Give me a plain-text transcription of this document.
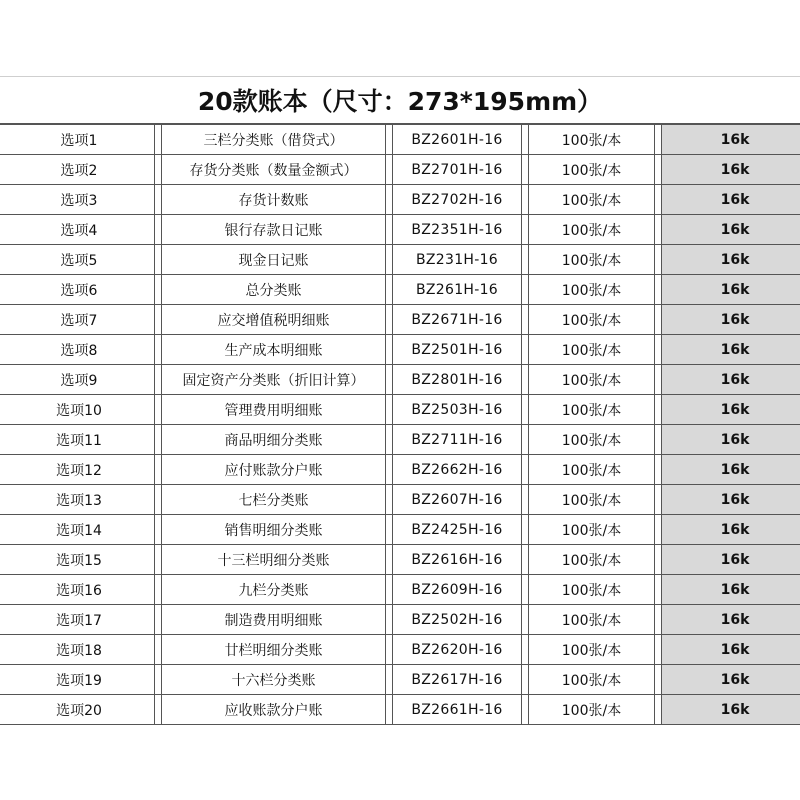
20款账本（尺寸：273*195mm）
选项1		三栏分类账（借贷式）		BZ2601H-16		100张/本		16k
选项2		存货分类账（数量金额式）		BZ2701H-16		100张/本		16k
选项3		存货计数账		BZ2702H-16		100张/本		16k
选项4		银行存款日记账		BZ2351H-16		100张/本		16k
选项5		现金日记账		BZ231H-16		100张/本		16k
选项6		总分类账		BZ261H-16		100张/本		16k
选项7		应交增值税明细账		BZ2671H-16		100张/本		16k
选项8		生产成本明细账		BZ2501H-16		100张/本		16k
选项9		固定资产分类账（折旧计算）		BZ2801H-16		100张/本		16k
选项10		管理费用明细账		BZ2503H-16		100张/本		16k
选项11		商品明细分类账		BZ2711H-16		100张/本		16k
选项12		应付账款分户账		BZ2662H-16		100张/本		16k
选项13		七栏分类账		BZ2607H-16		100张/本		16k
选项14		销售明细分类账		BZ2425H-16		100张/本		16k
选项15		十三栏明细分类账		BZ2616H-16		100张/本		16k
选项16		九栏分类账		BZ2609H-16		100张/本		16k
选项17		制造费用明细账		BZ2502H-16		100张/本		16k
选项18		廿栏明细分类账		BZ2620H-16		100张/本		16k
选项19		十六栏分类账		BZ2617H-16		100张/本		16k
选项20		应收账款分户账		BZ2661H-16		100张/本		16k
